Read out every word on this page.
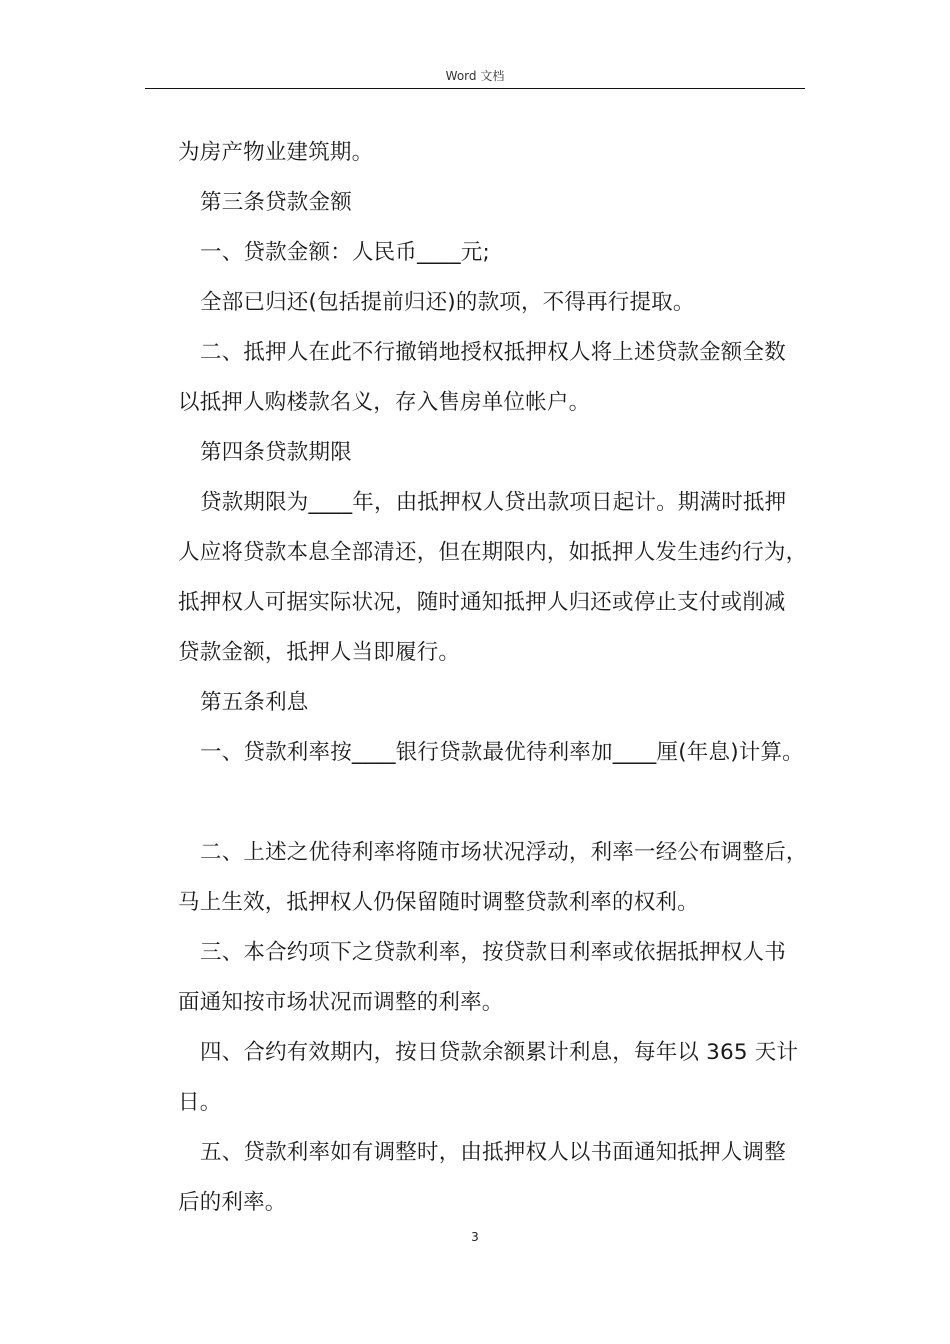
Word 文档
为房产物业建筑期。
第三条贷款金额
一、贷款金额：人民币____元;
全部已归还(包括提前归还)的款项，不得再行提取。
二、抵押人在此不行撤销地授权抵押权人将上述贷款金额全数
以抵押人购楼款名义，存入售房单位帐户。
第四条贷款期限
贷款期限为____年，由抵押权人贷出款项日起计。期满时抵押
人应将贷款本息全部清还，但在期限内，如抵押人发生违约行为，
抵押权人可据实际状况，随时通知抵押人归还或停止支付或削减
贷款金额，抵押人当即履行。
第五条利息
一、贷款利率按____银行贷款最优待利率加____厘(年息)计算。
二、上述之优待利率将随市场状况浮动，利率一经公布调整后，
马上生效，抵押权人仍保留随时调整贷款利率的权利。
三、本合约项下之贷款利率，按贷款日利率或依据抵押权人书
面通知按市场状况而调整的利率。
四、合约有效期内，按日贷款余额累计利息，每年以 365 天计
日。
五、贷款利率如有调整时，由抵押权人以书面通知抵押人调整
后的利率。
3
